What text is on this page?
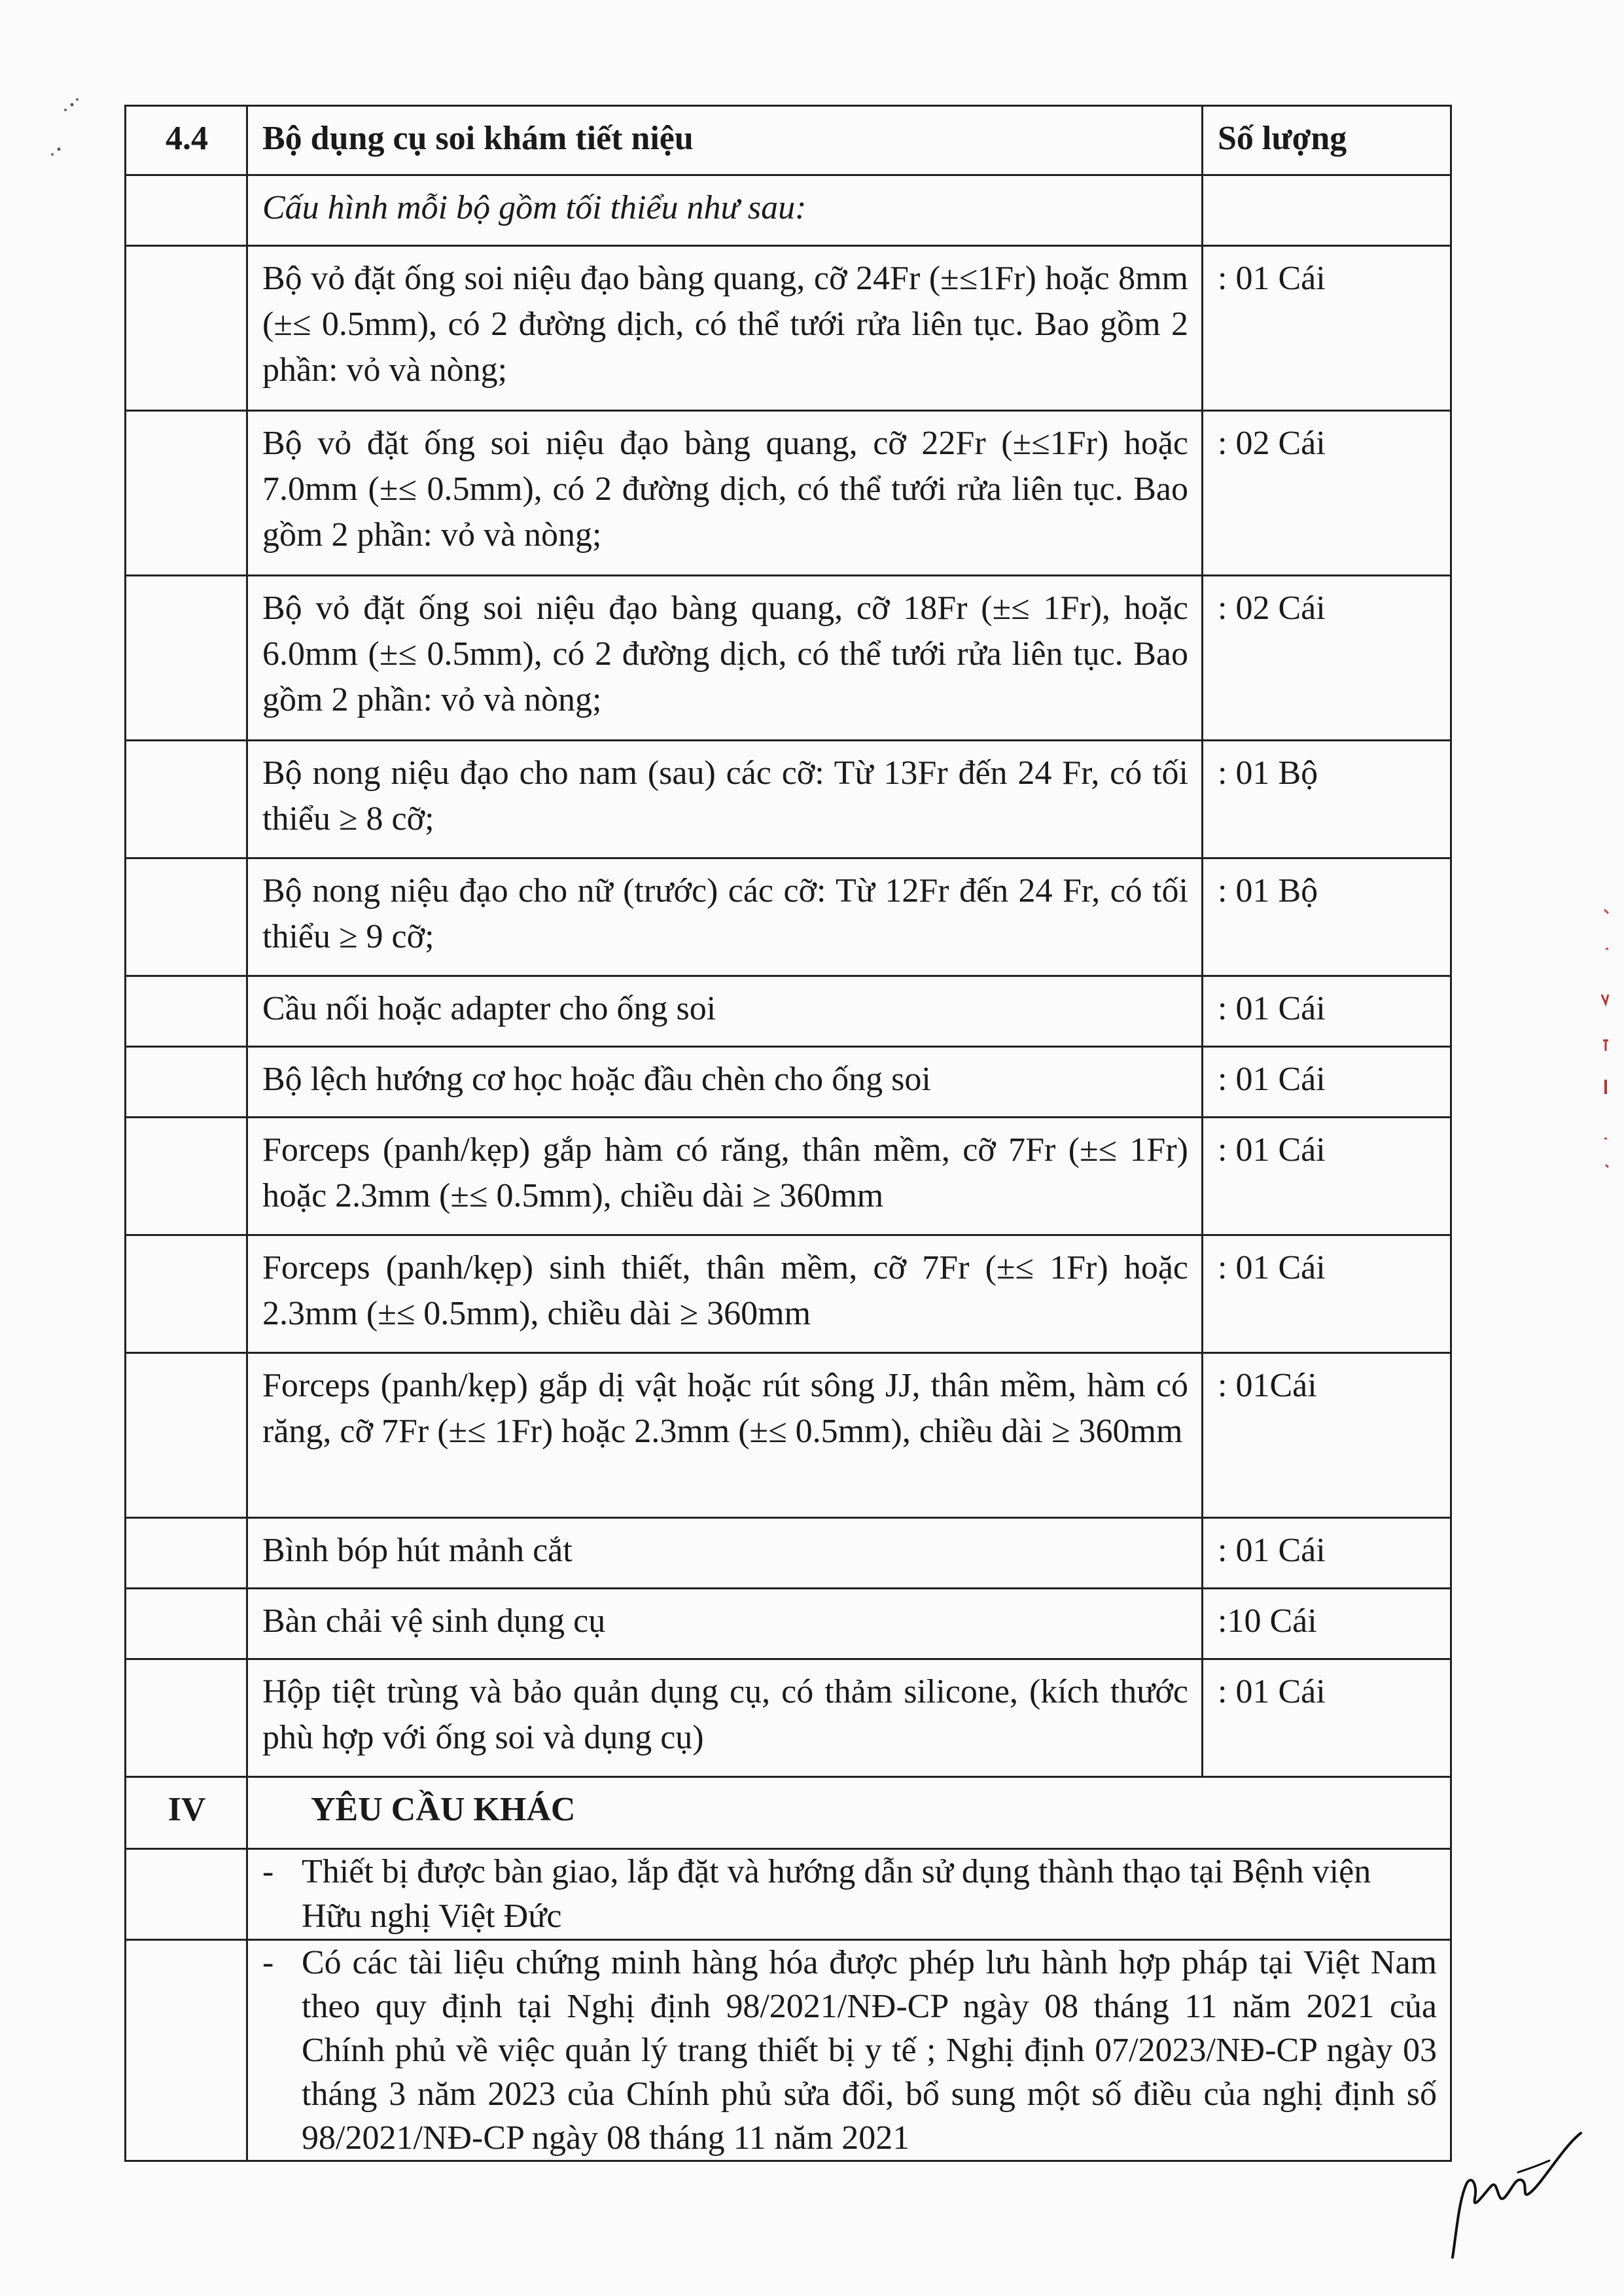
4.4	Bộ dụng cụ soi khám tiết niệu	Số lượng
	Cấu hình mỗi bộ gồm tối thiểu như sau:	
	Bộ vỏ đặt ống soi niệu đạo bàng quang, cỡ 24Fr (±≤1Fr) hoặc 8mm (±≤ 0.5mm), có 2 đường dịch, có thể tưới rửa liên tục. Bao gồm 2 phần: vỏ và nòng;	: 01 Cái
	Bộ vỏ đặt ống soi niệu đạo bàng quang, cỡ 22Fr (±≤1Fr) hoặc 7.0mm (±≤ 0.5mm), có 2 đường dịch, có thể tưới rửa liên tục. Bao gồm 2 phần: vỏ và nòng;	: 02 Cái
	Bộ vỏ đặt ống soi niệu đạo bàng quang, cỡ 18Fr (±≤ 1Fr), hoặc 6.0mm (±≤ 0.5mm), có 2 đường dịch, có thể tưới rửa liên tục. Bao gồm 2 phần: vỏ và nòng;	: 02 Cái
	Bộ nong niệu đạo cho nam (sau) các cỡ: Từ 13Fr đến 24 Fr, có tối thiểu ≥ 8 cỡ;	: 01 Bộ
	Bộ nong niệu đạo cho nữ (trước) các cỡ: Từ 12Fr đến 24 Fr, có tối thiểu ≥ 9 cỡ;	: 01 Bộ
	Cầu nối hoặc adapter cho ống soi	: 01 Cái
	Bộ lệch hướng cơ học hoặc đầu chèn cho ống soi	: 01 Cái
	Forceps (panh/kẹp) gắp hàm có răng, thân mềm, cỡ 7Fr (±≤ 1Fr) hoặc 2.3mm (±≤ 0.5mm), chiều dài ≥ 360mm	: 01 Cái
	Forceps (panh/kẹp) sinh thiết, thân mềm, cỡ 7Fr (±≤ 1Fr) hoặc 2.3mm (±≤ 0.5mm), chiều dài ≥ 360mm	: 01 Cái
	Forceps (panh/kẹp) gắp dị vật hoặc rút sông JJ, thân mềm, hàm có răng, cỡ 7Fr (±≤ 1Fr) hoặc 2.3mm (±≤ 0.5mm), chiều dài ≥ 360mm	: 01Cái
	Bình bóp hút mảnh cắt	: 01 Cái
	Bàn chải vệ sinh dụng cụ	:10 Cái
	Hộp tiệt trùng và bảo quản dụng cụ, có thảm silicone, (kích thước phù hợp với ống soi và dụng cụ)	: 01 Cái
IV	YÊU CẦU KHÁC	

	- Thiết bị được bàn giao, lắp đặt và hướng dẫn sử dụng thành thạo tại Bệnh viện Hữu nghị Việt Đức	

	- Có các tài liệu chứng minh hàng hóa được phép lưu hành hợp pháp tại Việt Nam theo quy định tại Nghị định 98/2021/NĐ-CP ngày 08 tháng 11 năm 2021 của Chính phủ về việc quản lý trang thiết bị y tế ; Nghị định 07/2023/NĐ-CP ngày 03 tháng 3 năm 2023 của Chính phủ sửa đổi, bổ sung một số điều của nghị định số 98/2021/NĐ-CP ngày 08 tháng 11 năm 2021	
